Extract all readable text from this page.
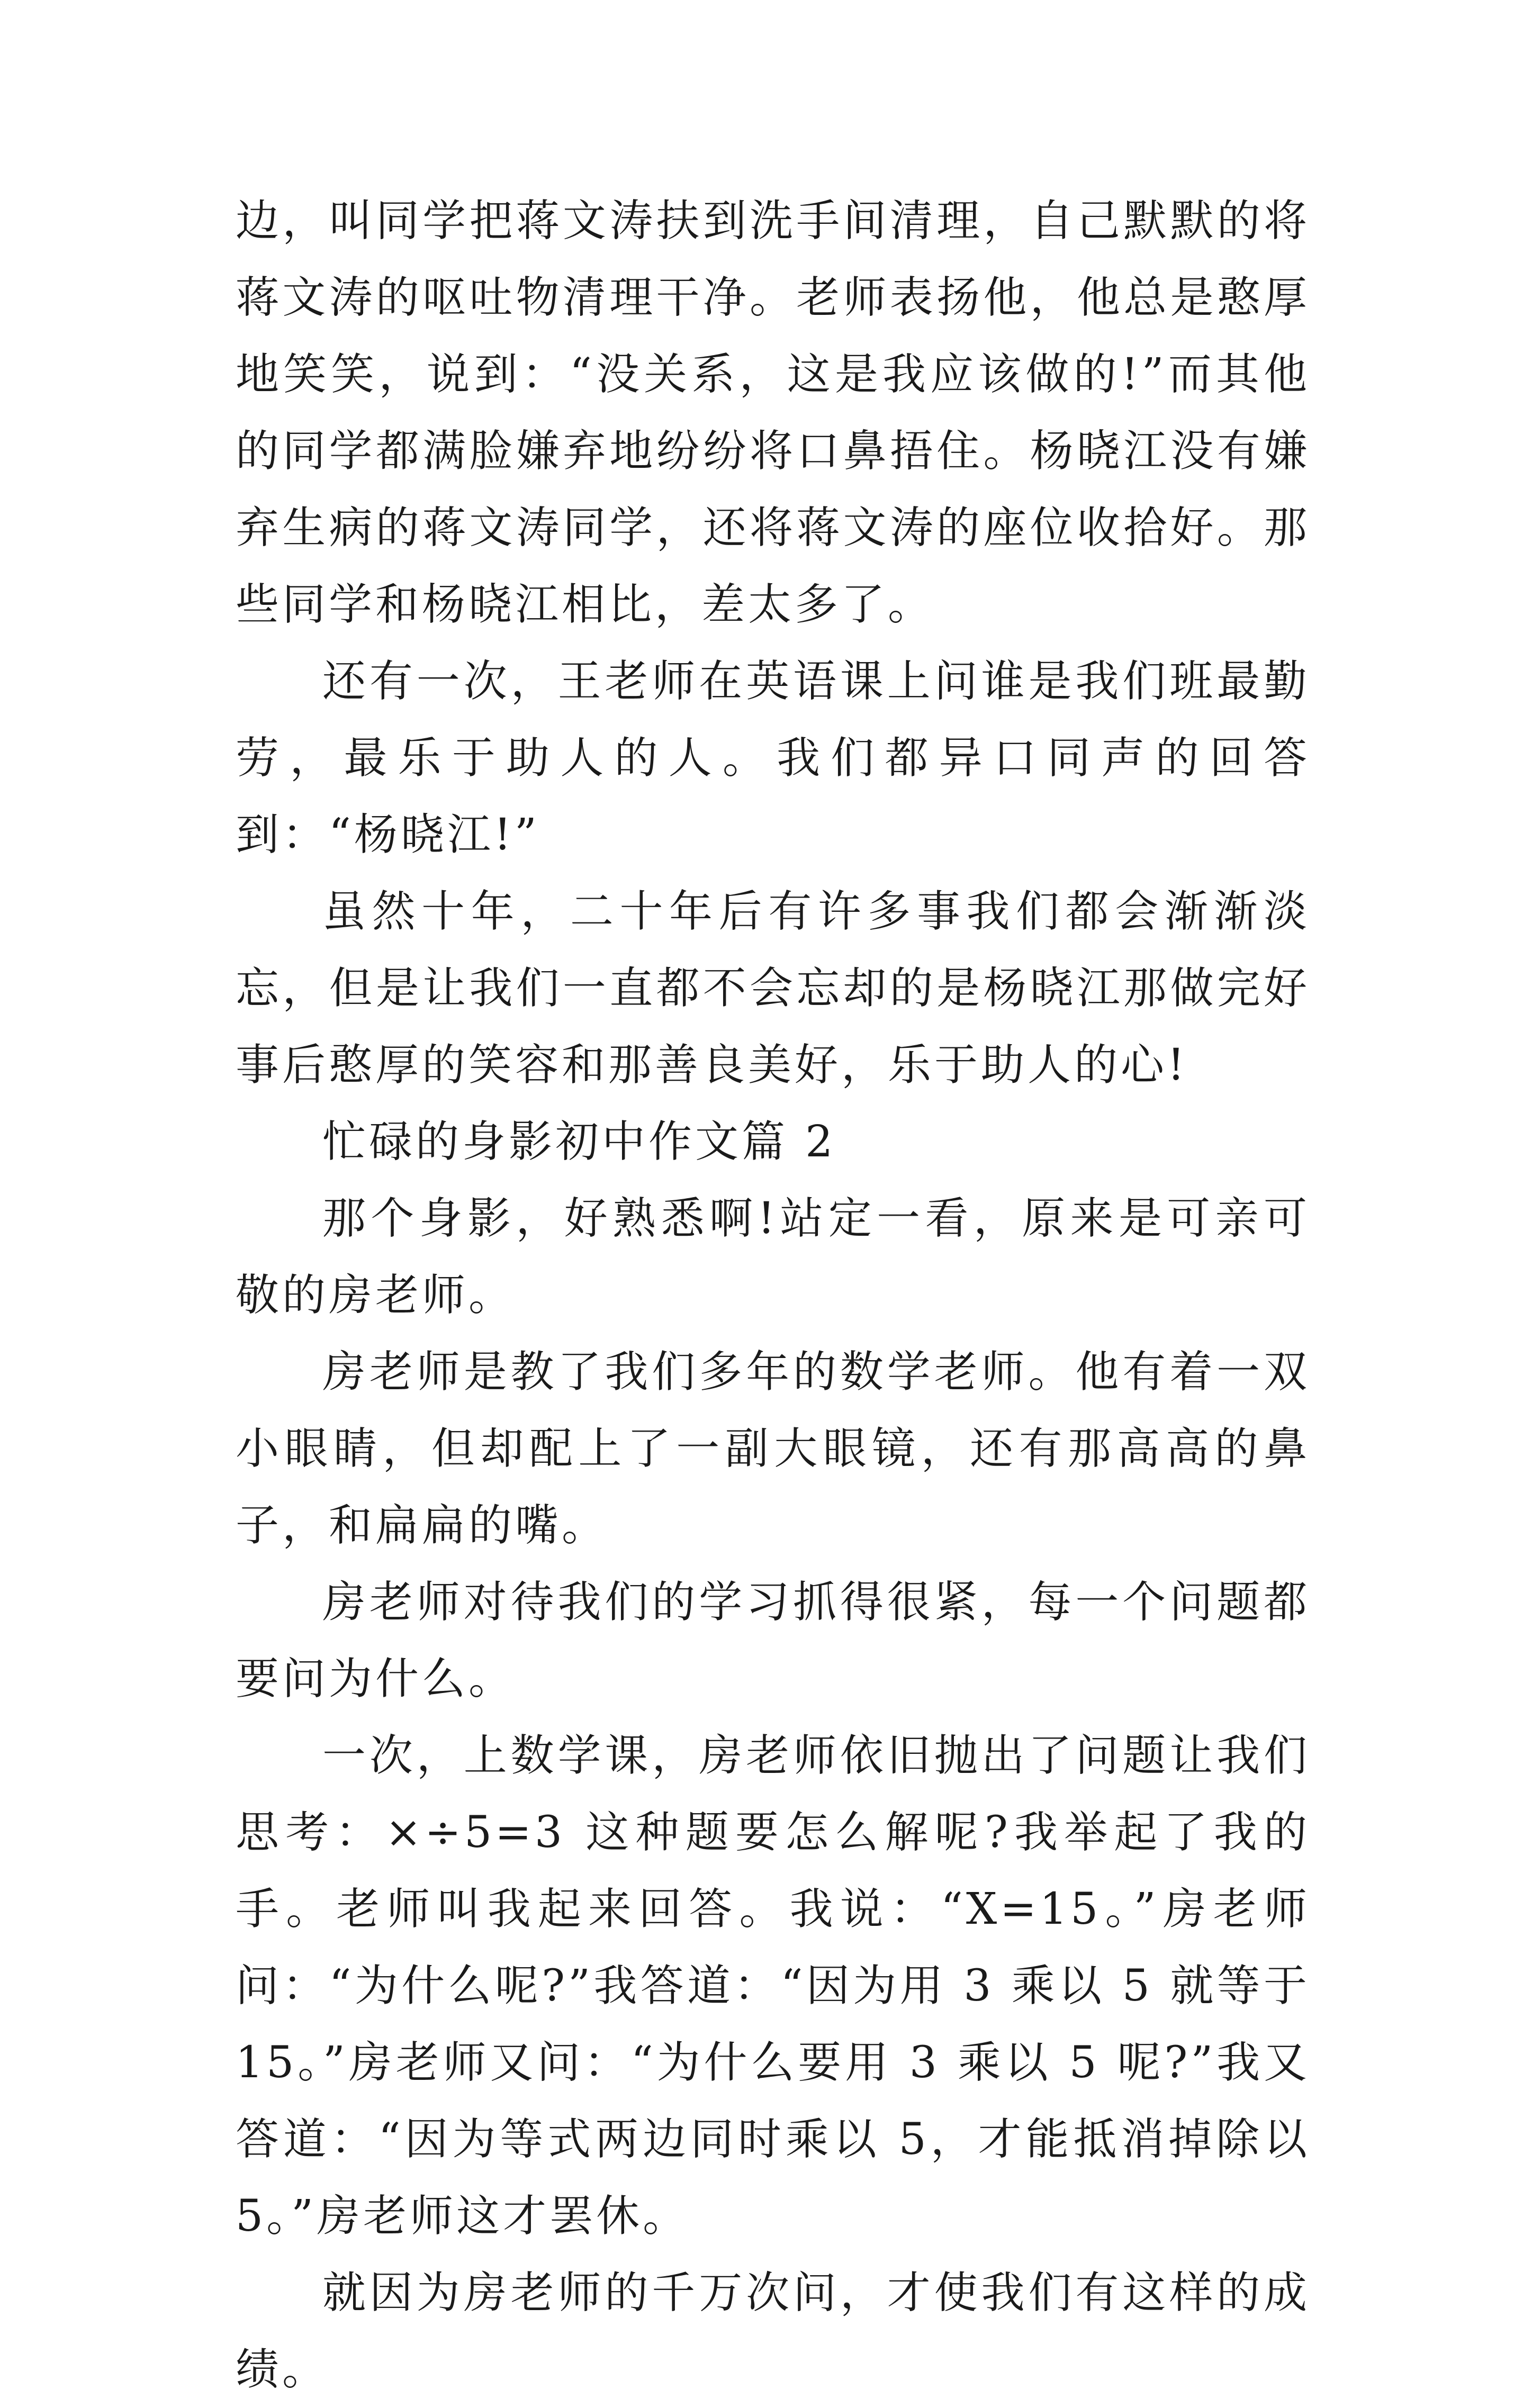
边，叫同学把蒋文涛扶到洗手间清理，自己默默的将蒋文涛的呕吐物清理干净。老师表扬他，他总是憨厚地笑笑，说到：“没关系，这是我应该做的!”而其他的同学都满脸嫌弃地纷纷将口鼻捂住。杨晓江没有嫌弃生病的蒋文涛同学，还将蒋文涛的座位收拾好。那些同学和杨晓江相比，差太多了。

还有一次，王老师在英语课上问谁是我们班最勤劳，最乐于助人的人。我们都异口同声的回答到：“杨晓江!”

虽然十年，二十年后有许多事我们都会渐渐淡忘，但是让我们一直都不会忘却的是杨晓江那做完好事后憨厚的笑容和那善良美好，乐于助人的心!

忙碌的身影初中作文篇 2

那个身影，好熟悉啊!站定一看，原来是可亲可敬的房老师。

房老师是教了我们多年的数学老师。他有着一双小眼睛，但却配上了一副大眼镜，还有那高高的鼻子，和扁扁的嘴。

房老师对待我们的学习抓得很紧，每一个问题都要问为什么。

一次，上数学课，房老师依旧抛出了问题让我们思考：×÷5=3 这种题要怎么解呢?我举起了我的手。老师叫我起来回答。我说：“X=15。”房老师问：“为什么呢?”我答道：“因为用 3 乘以 5 就等于 15。”房老师又问：“为什么要用 3 乘以 5 呢?”我又答道：“因为等式两边同时乘以 5，才能抵消掉除以 5。”房老师这才罢休。

就因为房老师的千万次问，才使我们有这样的成绩。
